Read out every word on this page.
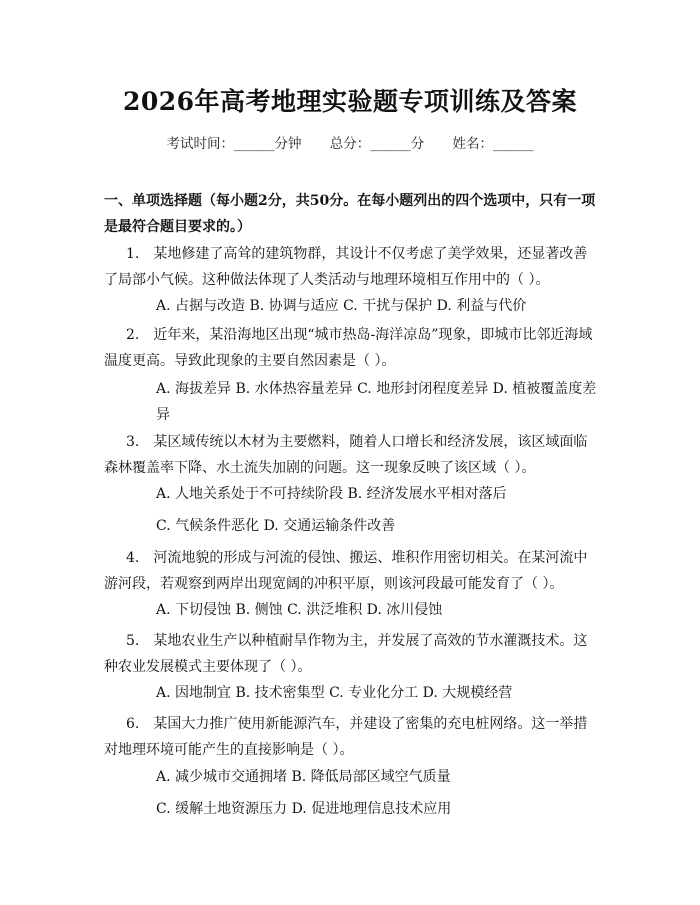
2026年高考地理实验题专项训练及答案
考试时间：______分钟 总分：______分 姓名：______
一、单项选择题（每小题2分，共50分。在每小题列出的四个选项中，只有一项是最符合题目要求的。）

1.　某地修建了高耸的建筑物群，其设计不仅考虑了美学效果，还显著改善了局部小气候。这种做法体现了人类活动与地理环境相互作用中的（ ）。

A. 占据与改造 B. 协调与适应 C. 干扰与保护 D. 利益与代价

2.　近年来，某沿海地区出现“城市热岛-海洋凉岛”现象，即城市比邻近海域温度更高。导致此现象的主要自然因素是（ ）。

A. 海拔差异 B. 水体热容量差异 C. 地形封闭程度差异 D. 植被覆盖度差异

3.　某区域传统以木材为主要燃料，随着人口增长和经济发展，该区域面临森林覆盖率下降、水土流失加剧的问题。这一现象反映了该区域（ ）。

A. 人地关系处于不可持续阶段 B. 经济发展水平相对落后
C. 气候条件恶化 D. 交通运输条件改善

4.　河流地貌的形成与河流的侵蚀、搬运、堆积作用密切相关。在某河流中游河段，若观察到两岸出现宽阔的冲积平原，则该河段最可能发育了（ ）。

A. 下切侵蚀 B. 侧蚀 C. 洪泛堆积 D. 冰川侵蚀

5.　某地农业生产以种植耐旱作物为主，并发展了高效的节水灌溉技术。这种农业发展模式主要体现了（ ）。

A. 因地制宜 B. 技术密集型 C. 专业化分工 D. 大规模经营

6.　某国大力推广使用新能源汽车，并建设了密集的充电桩网络。这一举措对地理环境可能产生的直接影响是（ ）。

A. 减少城市交通拥堵 B. 降低局部区域空气质量
C. 缓解土地资源压力 D. 促进地理信息技术应用
